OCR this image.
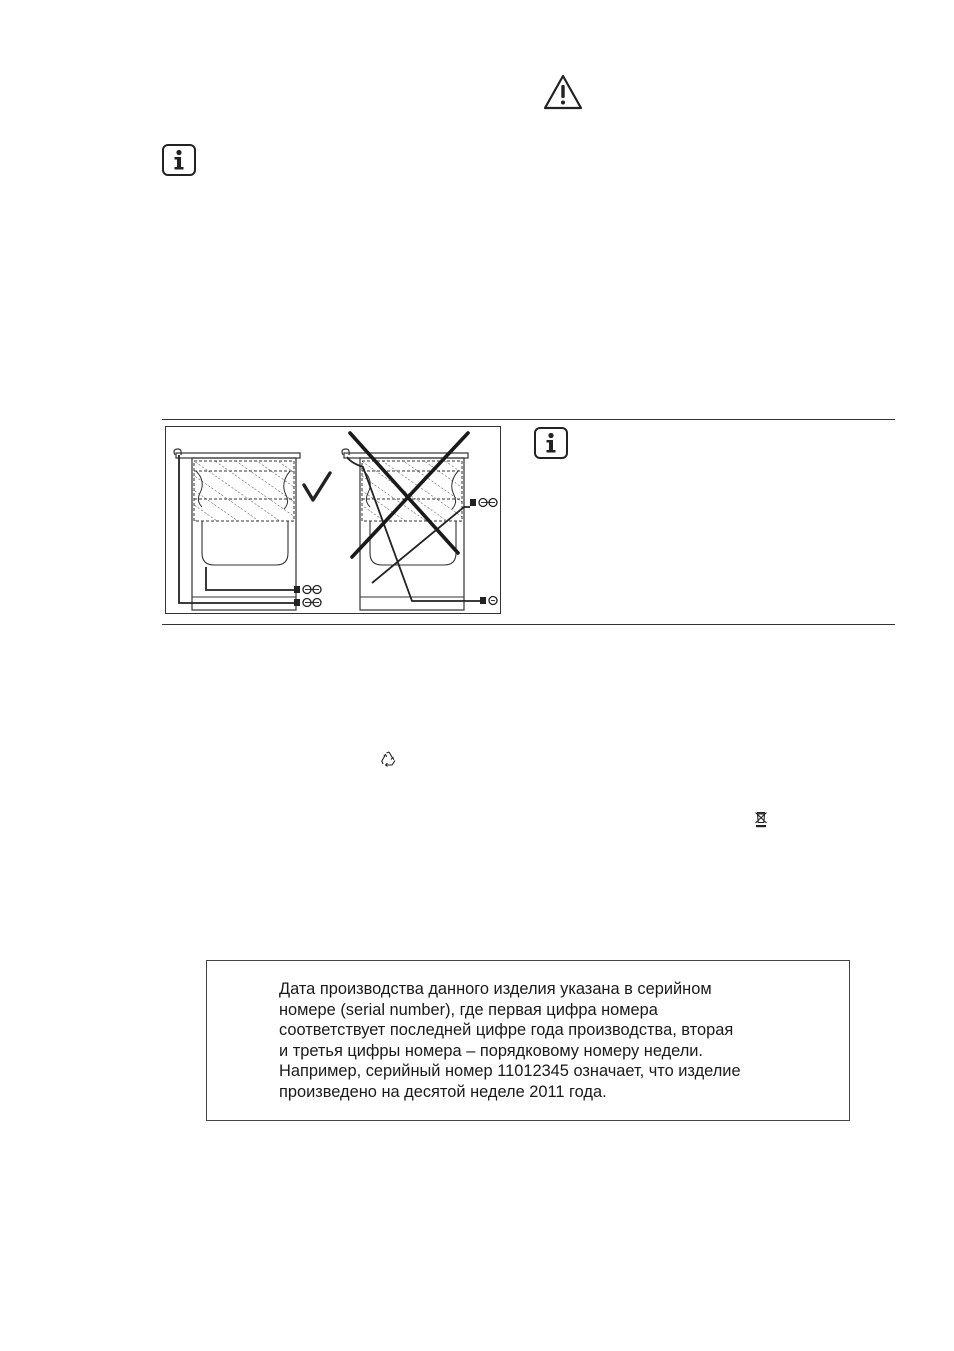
Дата производства данного изделия указана в серийном
номере (serial number), где первая цифра номера
соответствует последней цифре года производства, вторая
и третья цифры номера – порядковому номеру недели.
Например, серийный номер 11012345 означает, что изделие
произведено на десятой неделе 2011 года.
